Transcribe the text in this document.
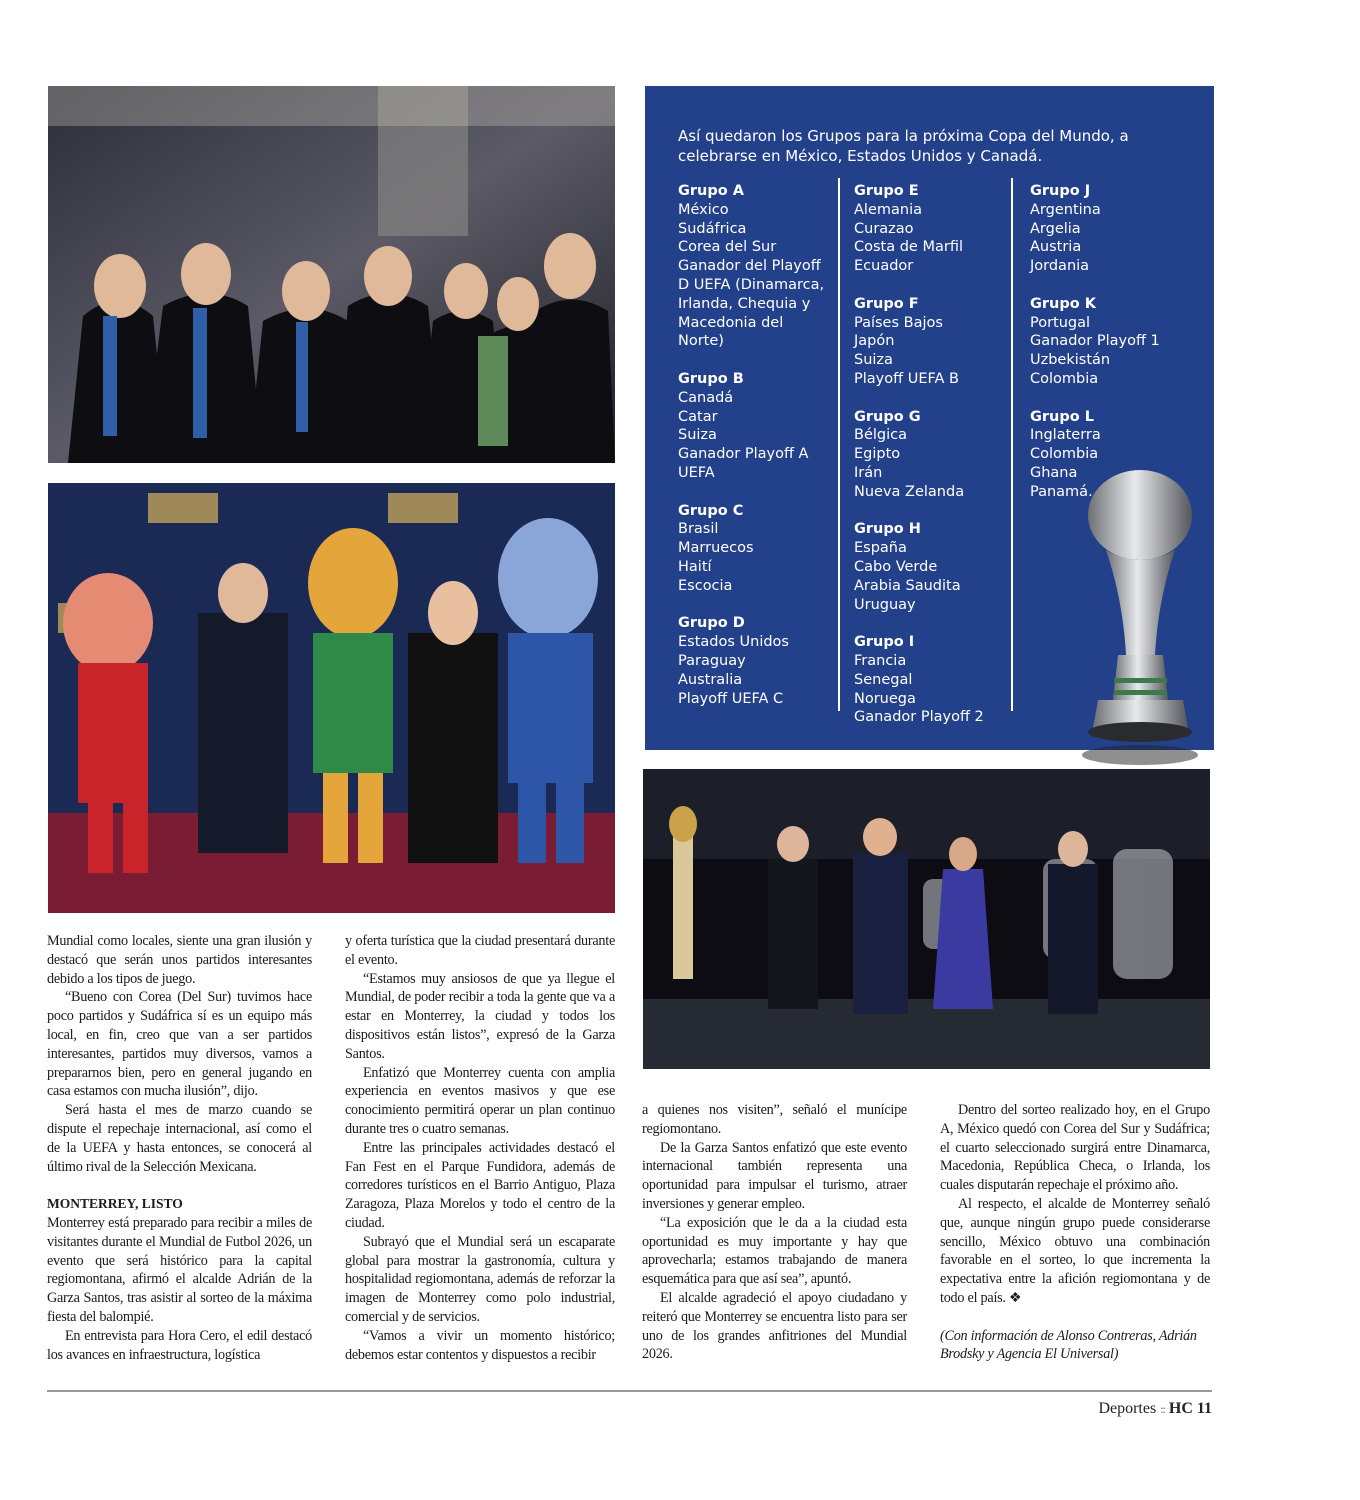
Así quedaron los Grupos para la próxima Copa del Mundo, a celebrarse en México, Estados Unidos y Canadá.
Grupo A
México
Sudáfrica
Corea del Sur
Ganador del Playoff D UEFA (Dinamarca, Irlanda, Chequia y Macedonia del Norte)
Grupo B
Canadá
Catar
Suiza
Ganador Playoff A UEFA
Grupo C
Brasil
Marruecos
Haití
Escocia
Grupo D
Estados Unidos
Paraguay
Australia
Playoff UEFA C
Grupo E
Alemania
Curazao
Costa de Marfil
Ecuador
Grupo F
Países Bajos
Japón
Suiza
Playoff UEFA B
Grupo G
Bélgica
Egipto
Irán
Nueva Zelanda
Grupo H
España
Cabo Verde
Arabia Saudita
Uruguay
Grupo I
Francia
Senegal
Noruega
Ganador Playoff 2
Grupo J
Argentina
Argelia
Austria
Jordania
Grupo K
Portugal
Ganador Playoff 1
Uzbekistán
Colombia
Grupo L
Inglaterra
Colombia
Ghana
Panamá.

Mundial como locales, siente una gran ilusión y destacó que serán unos partidos interesantes debido a los tipos de juego.

“Bueno con Corea (Del Sur) tuvimos hace poco partidos y Sudáfrica sí es un equipo más local, en fin, creo que van a ser partidos interesantes, partidos muy diversos, vamos a prepararnos bien, pero en general jugando en casa estamos con mucha ilusión”, dijo.

Será hasta el mes de marzo cuando se dispute el repechaje internacional, así como el de la UEFA y hasta entonces, se conocerá al último rival de la Selección Mexicana.

MONTERREY, LISTO

Monterrey está preparado para recibir a miles de visitantes durante el Mundial de Futbol 2026, un evento que será histórico para la capital regiomontana, afirmó el alcalde Adrián de la Garza Santos, tras asistir al sorteo de la máxima fiesta del balompié.

En entrevista para Hora Cero, el edil destacó los avances en infraestructura, logística

y oferta turística que la ciudad presentará durante el evento.

“Estamos muy ansiosos de que ya llegue el Mundial, de poder recibir a toda la gente que va a estar en Monterrey, la ciudad y todos los dispositivos están listos”, expresó de la Garza Santos.

Enfatizó que Monterrey cuenta con amplia experiencia en eventos masivos y que ese conocimiento permitirá operar un plan continuo durante tres o cuatro semanas.

Entre las principales actividades destacó el Fan Fest en el Parque Fundidora, además de corredores turísticos en el Barrio Antiguo, Plaza Zaragoza, Plaza Morelos y todo el centro de la ciudad.

Subrayó que el Mundial será un escaparate global para mostrar la gastronomía, cultura y hospitalidad regiomontana, además de reforzar la imagen de Monterrey como polo industrial, comercial y de servicios.

“Vamos a vivir un momento histórico; debemos estar contentos y dispuestos a recibir

a quienes nos visiten”, señaló el munícipe regiomontano.

De la Garza Santos enfatizó que este evento internacional también representa una oportunidad para impulsar el turismo, atraer inversiones y generar empleo.

“La exposición que le da a la ciudad esta oportunidad es muy importante y hay que aprovecharla; estamos trabajando de manera esquemática para que así sea”, apuntó.

El alcalde agradeció el apoyo ciudadano y reiteró que Monterrey se encuentra listo para ser uno de los grandes anfitriones del Mundial 2026.

Dentro del sorteo realizado hoy, en el Grupo A, México quedó con Corea del Sur y Sudáfrica; el cuarto seleccionado surgirá entre Dinamarca, Macedonia, República Checa, o Irlanda, los cuales disputarán repechaje el próximo año.

Al respecto, el alcalde de Monterrey señaló que, aunque ningún grupo puede considerarse sencillo, México obtuvo una combinación favorable en el sorteo, lo que incrementa la expectativa entre la afición regiomontana y de todo el país. ❖

(Con información de Alonso Contreras, Adrián Brodsky y Agencia El Universal)

Deportes :: HC 11
